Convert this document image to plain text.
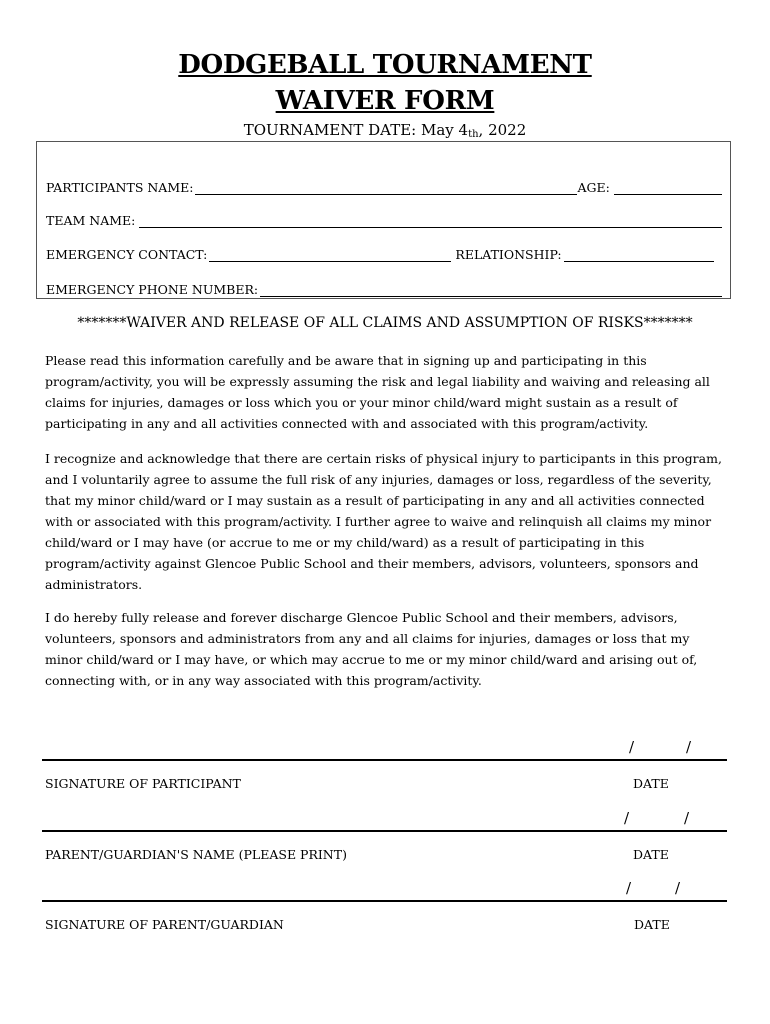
DODGEBALL TOURNAMENT
WAIVER FORM
TOURNAMENT DATE: May $4_{th}$, 2022
PARTICIPANTS NAME:	AGE:
TEAM NAME:
EMERGENCY CONTACT:	RELATIONSHIP:
EMERGENCY PHONE NUMBER:
*******WAIVER AND RELEASE OF ALL CLAIMS AND ASSUMPTION OF RISKS*******

Please read this information carefully and be aware that in signing up and participating in this program/activity, you will be expressly assuming the risk and legal liability and waiving and releasing all claims for injuries, damages or loss which you or your minor child/ward might sustain as a result of participating in any and all activities connected with and associated with this program/activity.

I recognize and acknowledge that there are certain risks of physical injury to participants in this program, and I voluntarily agree to assume the full risk of any injuries, damages or loss, regardless of the severity, that my minor child/ward or I may sustain as a result of participating in any and all activities connected with or associated with this program/activity. I further agree to waive and relinquish all claims my minor child/ward or I may have (or accrue to me or my child/ward) as a result of participating in this program/activity against Glencoe Public School and their members, advisors, volunteers, sponsors and administrators.

I do hereby fully release and forever discharge Glencoe Public School and their members, advisors, volunteers, sponsors and administrators from any and all claims for injuries, damages or loss that my minor child/ward or I may have, or which may accrue to me or my minor child/ward and arising out of, connecting with, or in any way associated with this program/activity.

/	/
SIGNATURE OF PARTICIPANT	DATE
/	/
PARENT/GUARDIAN'S NAME (PLEASE PRINT)	DATE
/	/
SIGNATURE OF PARENT/GUARDIAN	DATE
